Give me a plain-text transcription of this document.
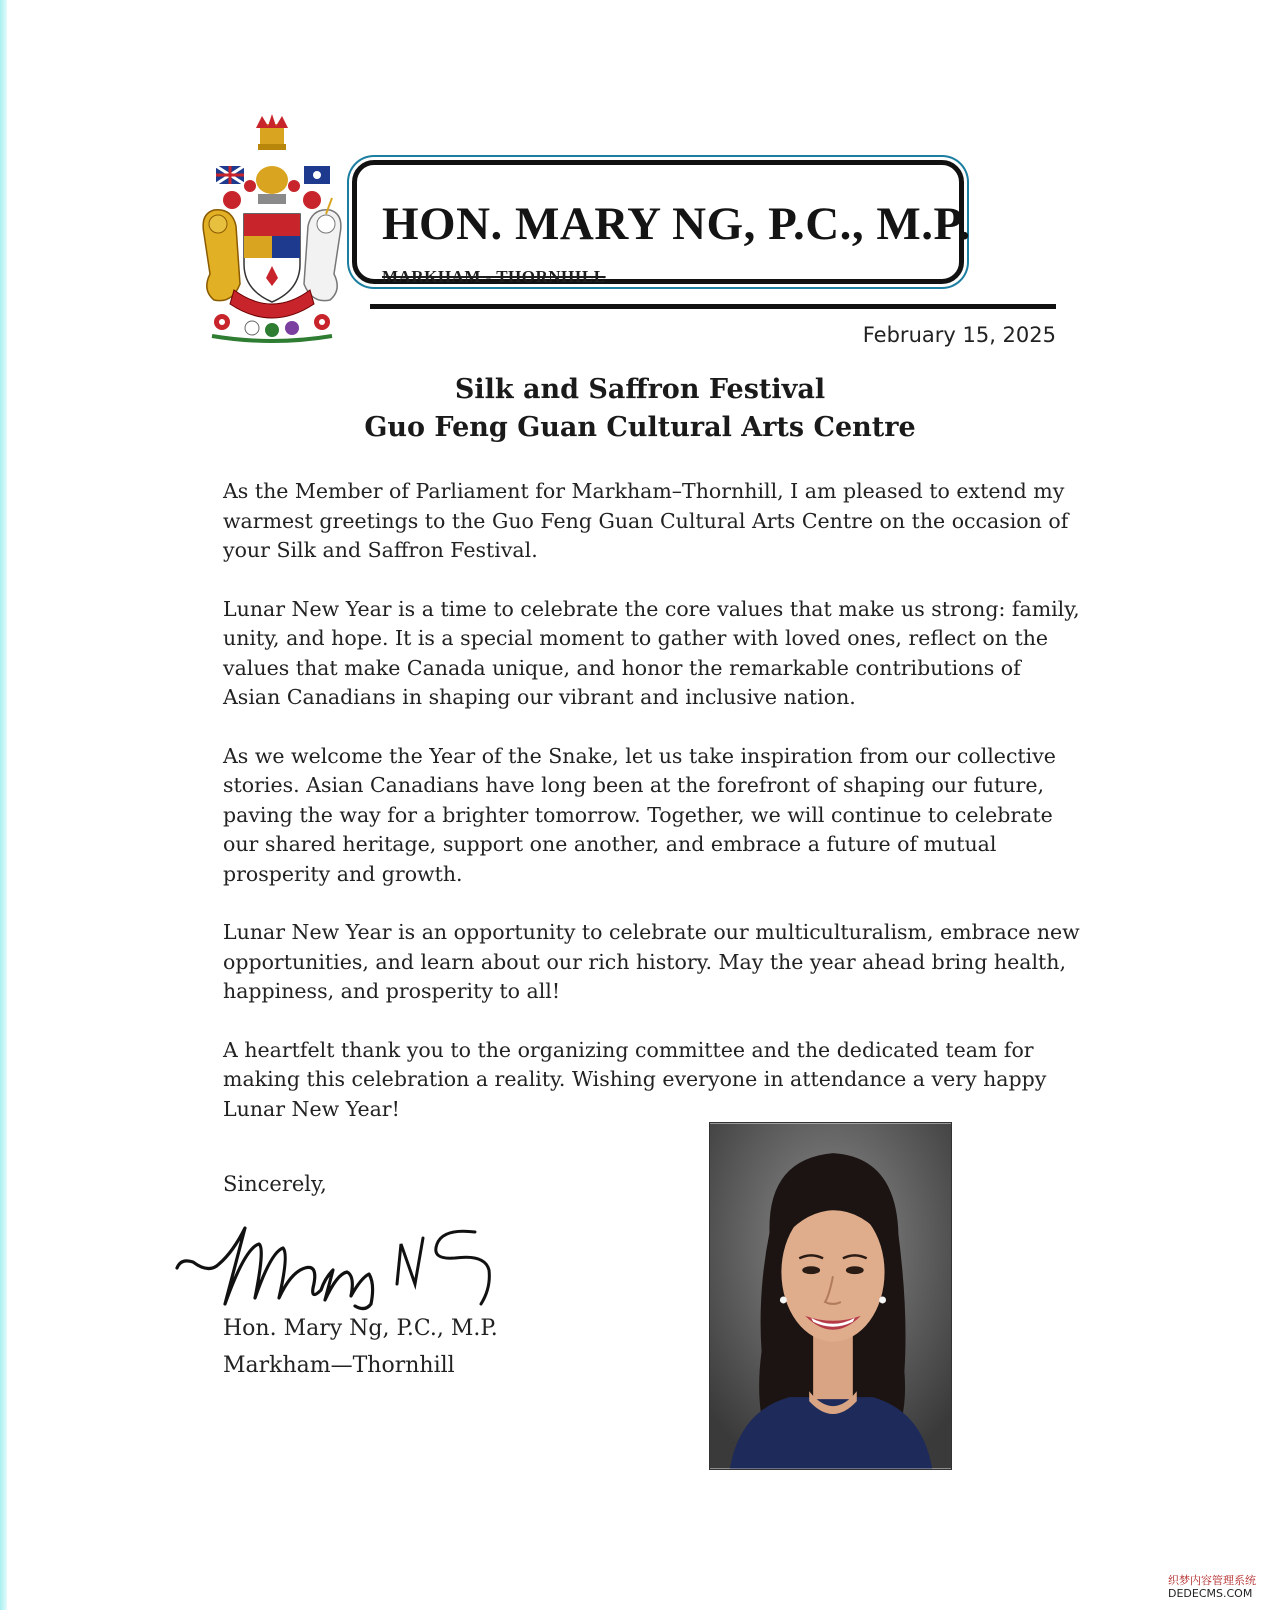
HON. MARY NG, P.C., M.P.
MARKHAM - THORNHILL
February 15, 2025
Silk and Saffron Festival
Guo Feng Guan Cultural Arts Centre

As the Member of Parliament for Markham–Thornhill, I am pleased to extend my warmest greetings to the Guo Feng Guan Cultural Arts Centre on the occasion of your Silk and Saffron Festival.

Lunar New Year is a time to celebrate the core values that make us strong: family, unity, and hope. It is a special moment to gather with loved ones, reflect on the values that make Canada unique, and honor the remarkable contributions of Asian Canadians in shaping our vibrant and inclusive nation.

As we welcome the Year of the Snake, let us take inspiration from our collective stories. Asian Canadians have long been at the forefront of shaping our future, paving the way for a brighter tomorrow. Together, we will continue to celebrate our shared heritage, support one another, and embrace a future of mutual prosperity and growth.

Lunar New Year is an opportunity to celebrate our multiculturalism, embrace new opportunities, and learn about our rich history. May the year ahead bring health, happiness, and prosperity to all!

A heartfelt thank you to the organizing committee and the dedicated team for making this celebration a reality. Wishing everyone in attendance a very happy Lunar New Year!

Sincerely,
Hon. Mary Ng, P.C., M.P.
Markham—Thornhill
织梦内容管理系统
DEDECMS.COM
